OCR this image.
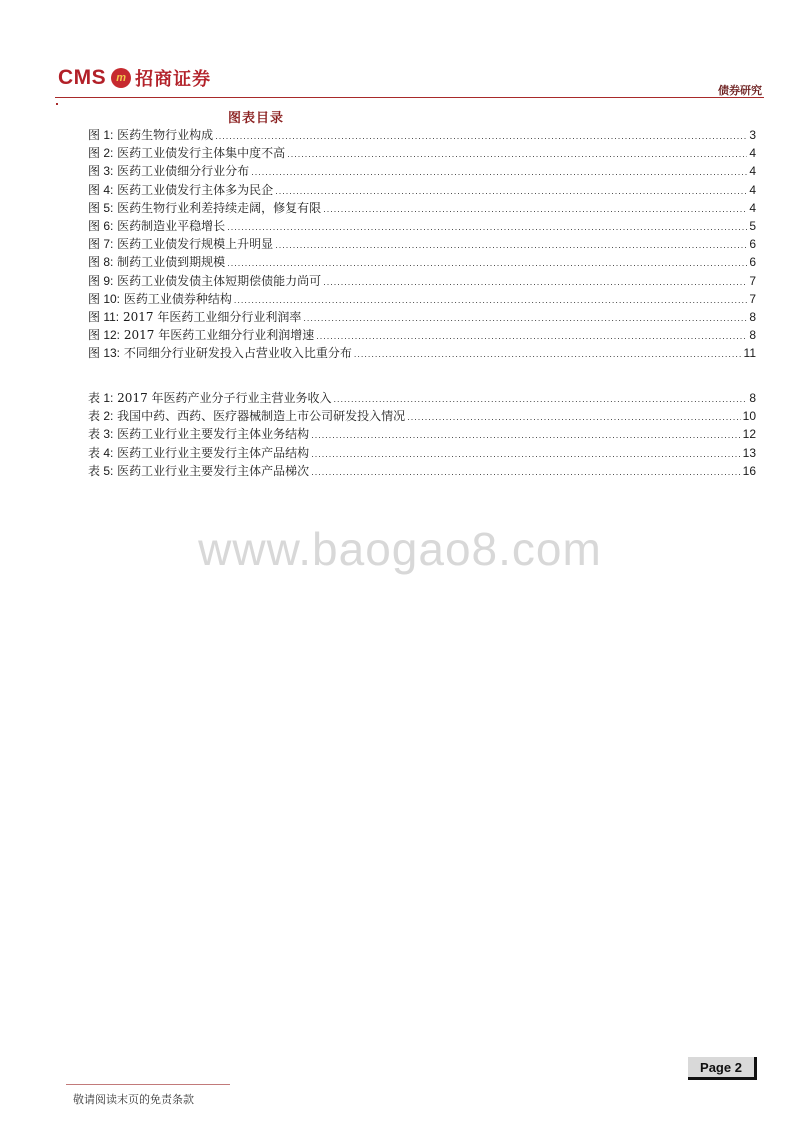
CMS m 招商证券
债券研究
图表目录
图 1: 医药生物行业构成 .....	3
图 2: 医药工业债发行主体集中度不高 .....	4
图 3: 医药工业债细分行业分布 .....	4
图 4: 医药工业债发行主体多为民企 .....	4
图 5: 医药生物行业利差持续走阔，修复有限 .....	4
图 6: 医药制造业平稳增长 .....	5
图 7: 医药工业债发行规模上升明显 .....	6
图 8: 制药工业债到期规模 .....	6
图 9: 医药工业债发债主体短期偿债能力尚可 .....	7
图 10: 医药工业债券种结构 .....	7
图 11: 2017 年医药工业细分行业利润率 .....	8
图 12: 2017 年医药工业细分行业利润增速 .....	8
图 13: 不同细分行业研发投入占营业收入比重分布 .....	11
表 1: 2017 年医药产业分子行业主营业务收入 .....	8
表 2: 我国中药、西药、医疗器械制造上市公司研发投入情况 .....	10
表 3: 医药工业行业主要发行主体业务结构 .....	12
表 4: 医药工业行业主要发行主体产品结构 .....	13
表 5: 医药工业行业主要发行主体产品梯次 .....	16
www.baogao8.com
敬请阅读末页的免责条款
Page 2
